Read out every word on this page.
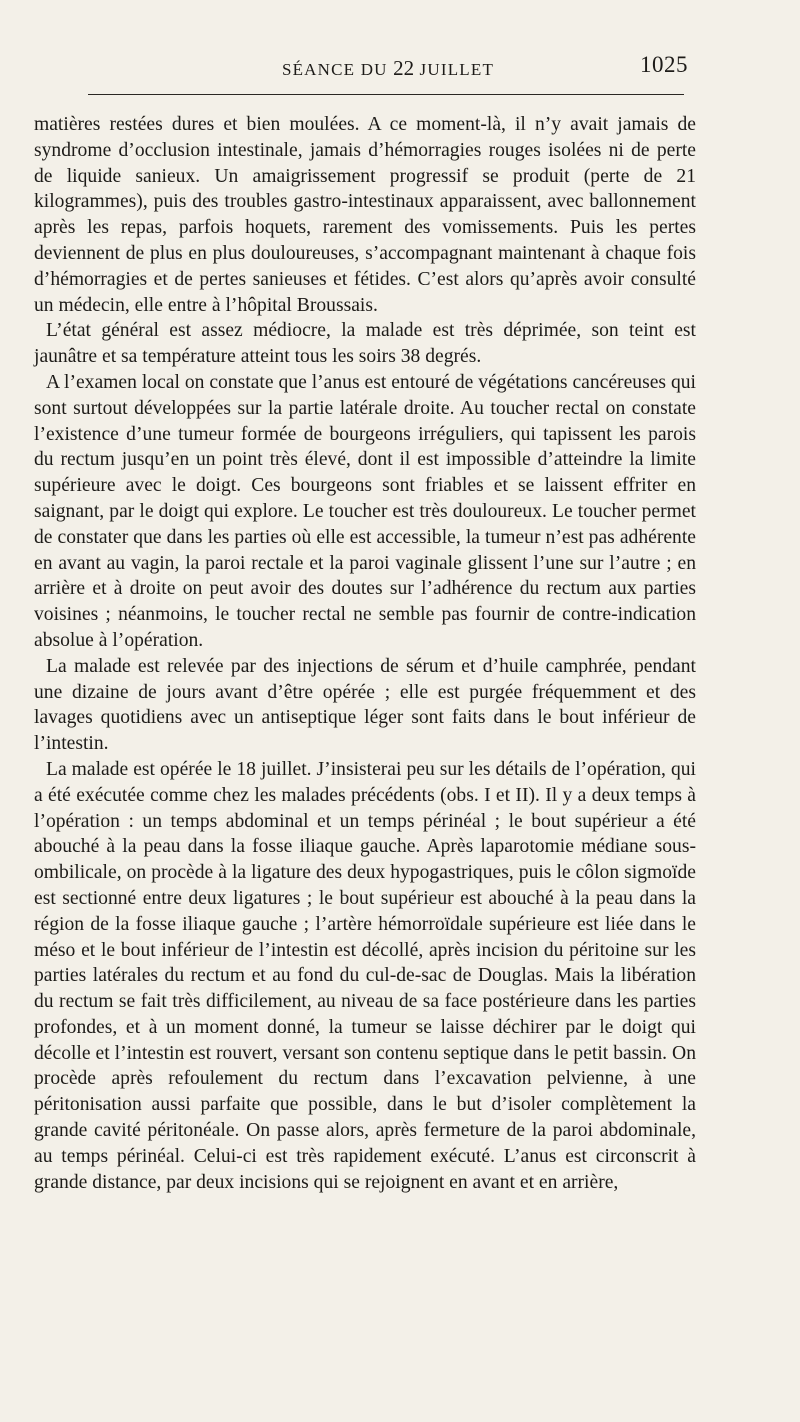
SÉANCE DU 22 JUILLET	1025

matières restées dures et bien moulées. A ce moment-là, il n’y avait jamais de syndrome d’occlusion intestinale, jamais d’hémorragies rouges isolées ni de perte de liquide sanieux. Un amaigrissement progressif se produit (perte de 21 kilogrammes), puis des troubles gastro-intestinaux apparaissent, avec ballonnement après les repas, parfois hoquets, rarement des vomissements. Puis les pertes deviennent de plus en plus douloureuses, s’accompagnant maintenant à chaque fois d’hémorragies et de pertes sanieuses et fétides. C’est alors qu’après avoir consulté un médecin, elle entre à l’hôpital Broussais.

L’état général est assez médiocre, la malade est très déprimée, son teint est jaunâtre et sa température atteint tous les soirs 38 degrés.

A l’examen local on constate que l’anus est entouré de végétations cancéreuses qui sont surtout développées sur la partie latérale droite. Au toucher rectal on constate l’existence d’une tumeur formée de bourgeons irréguliers, qui tapissent les parois du rectum jusqu’en un point très élevé, dont il est impossible d’atteindre la limite supérieure avec le doigt. Ces bourgeons sont friables et se laissent effriter en saignant, par le doigt qui explore. Le toucher est très douloureux. Le toucher permet de constater que dans les parties où elle est accessible, la tumeur n’est pas adhérente en avant au vagin, la paroi rectale et la paroi vaginale glissent l’une sur l’autre ; en arrière et à droite on peut avoir des doutes sur l’adhérence du rectum aux parties voisines ; néanmoins, le toucher rectal ne semble pas fournir de contre-indication absolue à l’opération.

La malade est relevée par des injections de sérum et d’huile camphrée, pendant une dizaine de jours avant d’être opérée ; elle est purgée fréquemment et des lavages quotidiens avec un antiseptique léger sont faits dans le bout inférieur de l’intestin.

La malade est opérée le 18 juillet. J’insisterai peu sur les détails de l’opération, qui a été exécutée comme chez les malades précédents (obs. I et II). Il y a deux temps à l’opération : un temps abdominal et un temps périnéal ; le bout supérieur a été abouché à la peau dans la fosse iliaque gauche. Après laparotomie médiane sous-ombilicale, on procède à la ligature des deux hypogastriques, puis le côlon sigmoïde est sectionné entre deux ligatures ; le bout supérieur est abouché à la peau dans la région de la fosse iliaque gauche ; l’artère hémorroïdale supérieure est liée dans le méso et le bout inférieur de l’intestin est décollé, après incision du péritoine sur les parties latérales du rectum et au fond du cul-de-sac de Douglas. Mais la libération du rectum se fait très difficilement, au niveau de sa face postérieure dans les parties profondes, et à un moment donné, la tumeur se laisse déchirer par le doigt qui décolle et l’intestin est rouvert, versant son contenu septique dans le petit bassin. On procède après refoulement du rectum dans l’excavation pelvienne, à une péritonisation aussi parfaite que possible, dans le but d’isoler complètement la grande cavité péritonéale. On passe alors, après fermeture de la paroi abdominale, au temps périnéal. Celui-ci est très rapidement exécuté. L’anus est circonscrit à grande distance, par deux incisions qui se rejoignent en avant et en arrière,
